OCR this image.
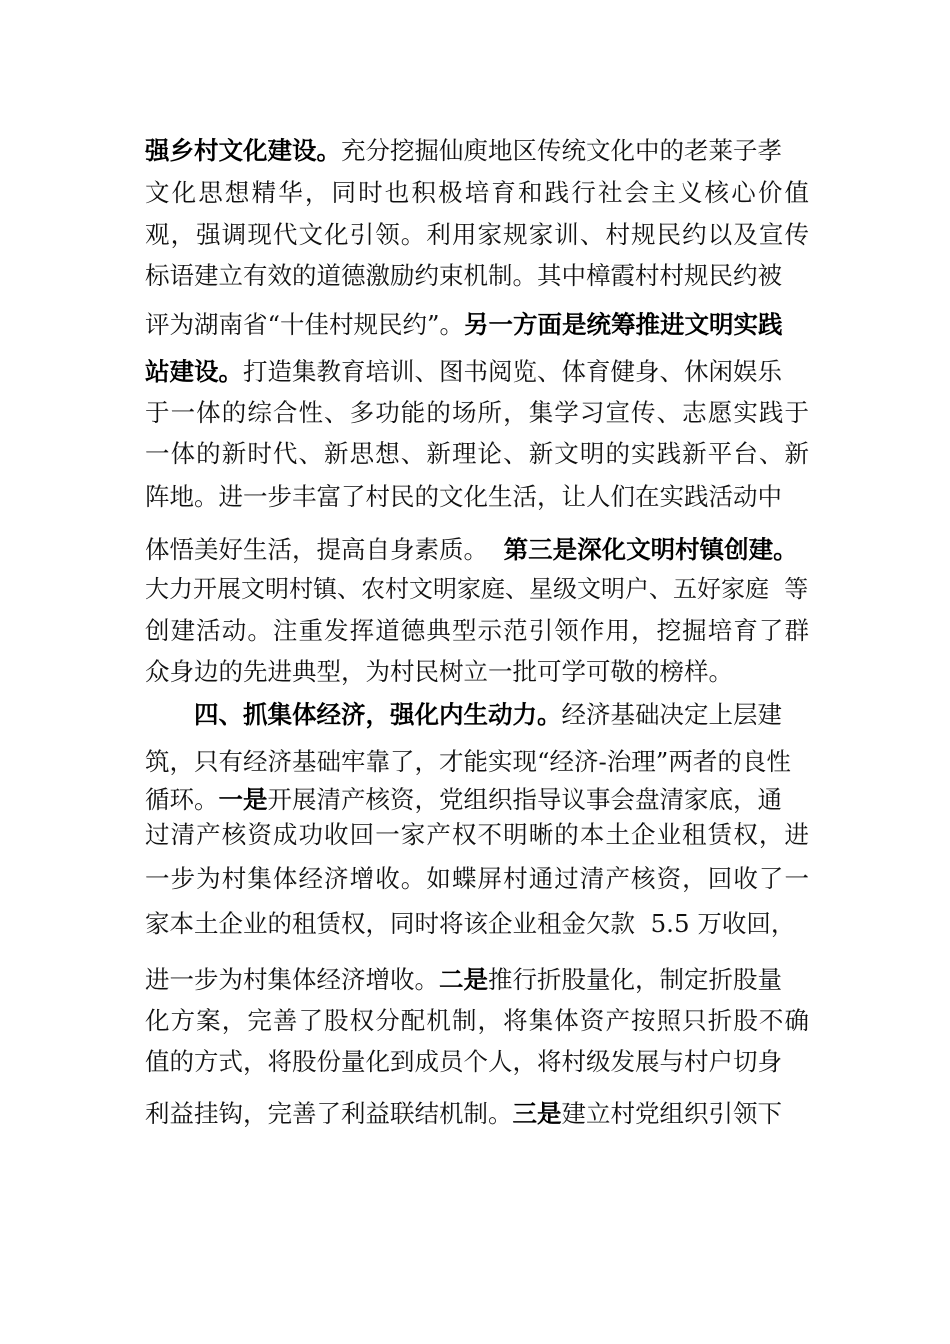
强乡村文化建设。充分挖掘仙庾地区传统文化中的老莱子孝
文化思想精华，同时也积极培育和践行社会主义核心价值
观，强调现代文化引领。利用家规家训、村规民约以及宣传
标语建立有效的道德激励约束机制。其中樟霞村村规民约被
评为湖南省“十佳村规民约”。另一方面是统筹推进文明实践
站建设。打造集教育培训、图书阅览、体育健身、休闲娱乐
于一体的综合性、多功能的场所，集学习宣传、志愿实践于
一体的新时代、新思想、新理论、新文明的实践新平台、新
阵地。进一步丰富了村民的文化生活，让人们在实践活动中
体悟美好生活，提高自身素质。  第三是深化文明村镇创建。
大力开展文明村镇、农村文明家庭、星级文明户、五好家庭  等
创建活动。注重发挥道德典型示范引领作用，挖掘培育了群
众身边的先进典型，为村民树立一批可学可敬的榜样。
四、抓集体经济，强化内生动力。经济基础决定上层建
筑，只有经济基础牢靠了，才能实现“经济-治理”两者的良性
循环。一是开展清产核资，党组织指导议事会盘清家底，通
过清产核资成功收回一家产权不明晰的本土企业租赁权，进
一步为村集体经济增收。如蝶屏村通过清产核资，回收了一
家本土企业的租赁权，同时将该企业租金欠款  5.5 万收回，
进一步为村集体经济增收。二是推行折股量化，制定折股量
化方案，完善了股权分配机制，将集体资产按照只折股不确
值的方式，将股份量化到成员个人，将村级发展与村户切身
利益挂钩，完善了利益联结机制。三是建立村党组织引领下
